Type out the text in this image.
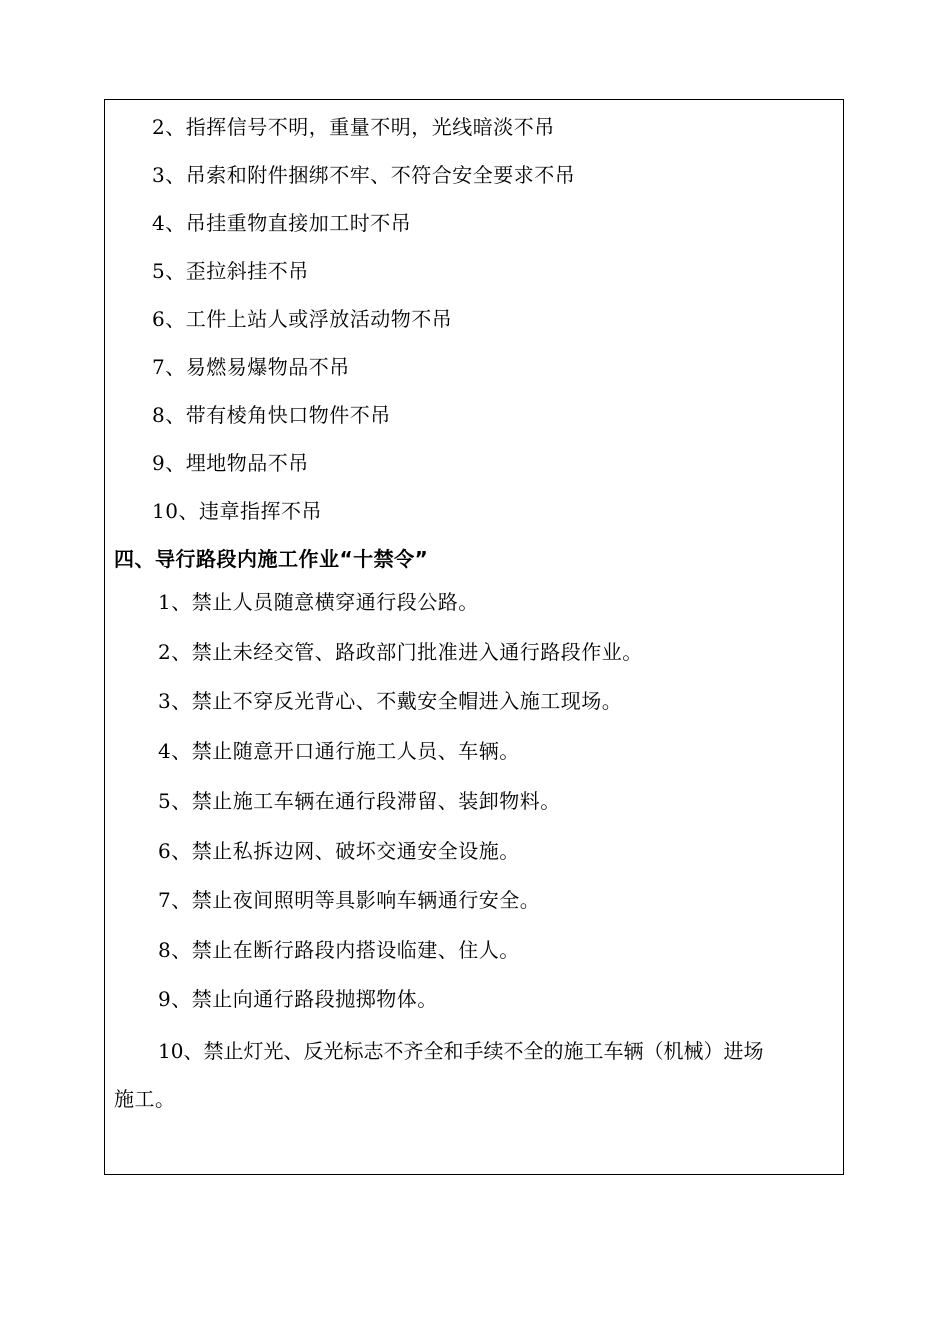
2、指挥信号不明，重量不明，光线暗淡不吊
3、吊索和附件捆绑不牢、不符合安全要求不吊
4、吊挂重物直接加工时不吊
5、歪拉斜挂不吊
6、工件上站人或浮放活动物不吊
7、易燃易爆物品不吊
8、带有棱角快口物件不吊
9、埋地物品不吊
10、违章指挥不吊
四、导行路段内施工作业“十禁令”
1、禁止人员随意横穿通行段公路。
2、禁止未经交管、路政部门批准进入通行路段作业。
3、禁止不穿反光背心、不戴安全帽进入施工现场。
4、禁止随意开口通行施工人员、车辆。
5、禁止施工车辆在通行段滞留、装卸物料。
6、禁止私拆边网、破坏交通安全设施。
7、禁止夜间照明等具影响车辆通行安全。
8、禁止在断行路段内搭设临建、住人。
9、禁止向通行路段抛掷物体。
10、禁止灯光、反光标志不齐全和手续不全的施工车辆（机械）进场
施工。
